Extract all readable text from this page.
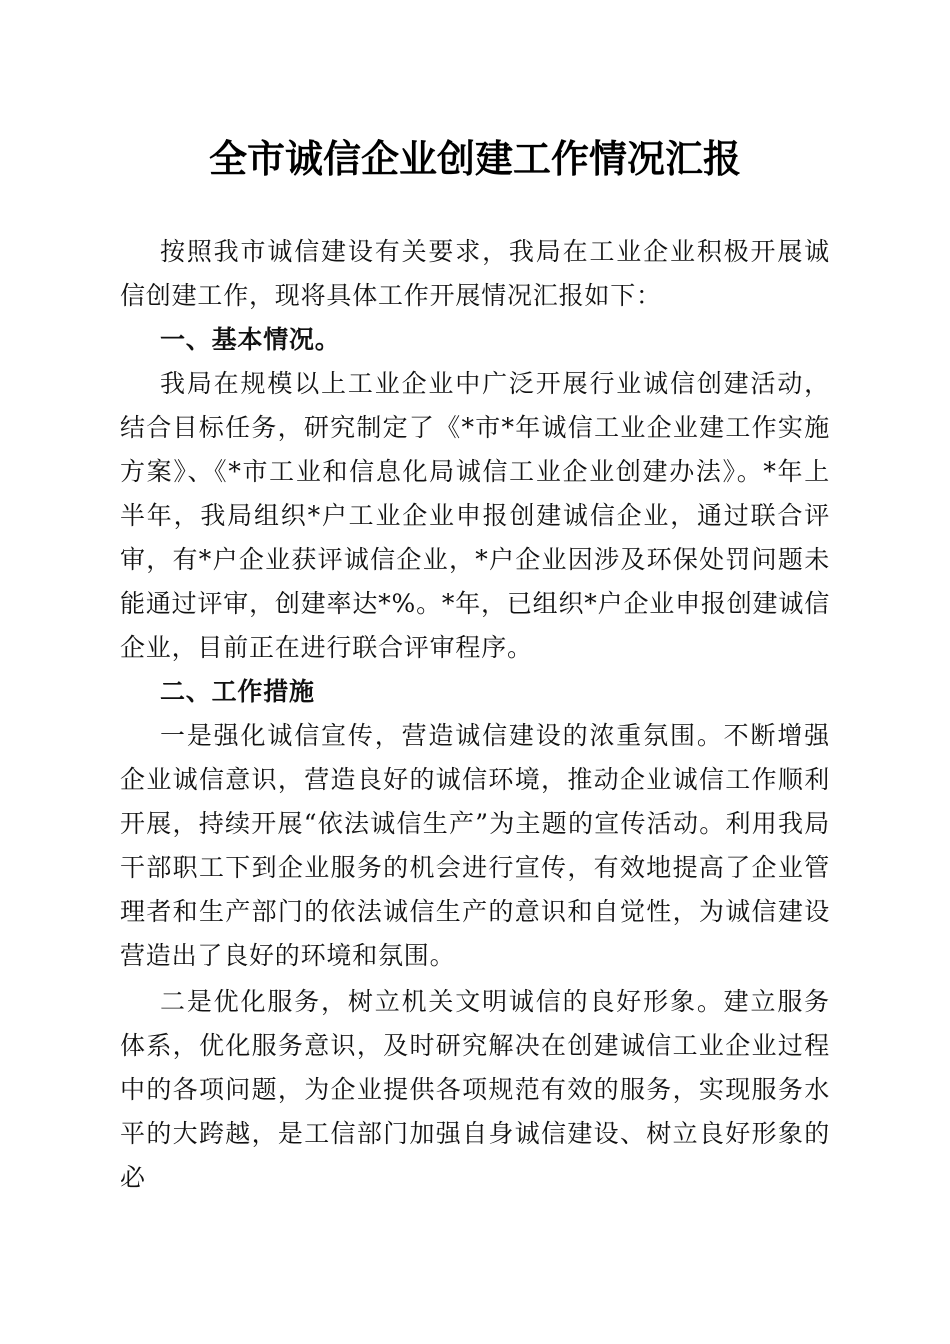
全市诚信企业创建工作情况汇报

按照我市诚信建设有关要求，我局在工业企业积极开展诚信创建工作，现将具体工作开展情况汇报如下：

一、基本情况。

我局在规模以上工业企业中广泛开展行业诚信创建活动，结合目标任务，研究制定了《*市*年诚信工业企业建工作实施方案》、《*市工业和信息化局诚信工业企业创建办法》。*年上半年，我局组织*户工业企业申报创建诚信企业，通过联合评审，有*户企业获评诚信企业，*户企业因涉及环保处罚问题未能通过评审，创建率达*%。*年，已组织*户企业申报创建诚信企业，目前正在进行联合评审程序。

二、工作措施

一是强化诚信宣传，营造诚信建设的浓重氛围。不断增强企业诚信意识，营造良好的诚信环境，推动企业诚信工作顺利开展，持续开展“依法诚信生产”为主题的宣传活动。利用我局干部职工下到企业服务的机会进行宣传，有效地提高了企业管理者和生产部门的依法诚信生产的意识和自觉性，为诚信建设营造出了良好的环境和氛围。

二是优化服务，树立机关文明诚信的良好形象。建立服务体系，优化服务意识，及时研究解决在创建诚信工业企业过程中的各项问题，为企业提供各项规范有效的服务，实现服务水平的大跨越，是工信部门加强自身诚信建设、树立良好形象的必
